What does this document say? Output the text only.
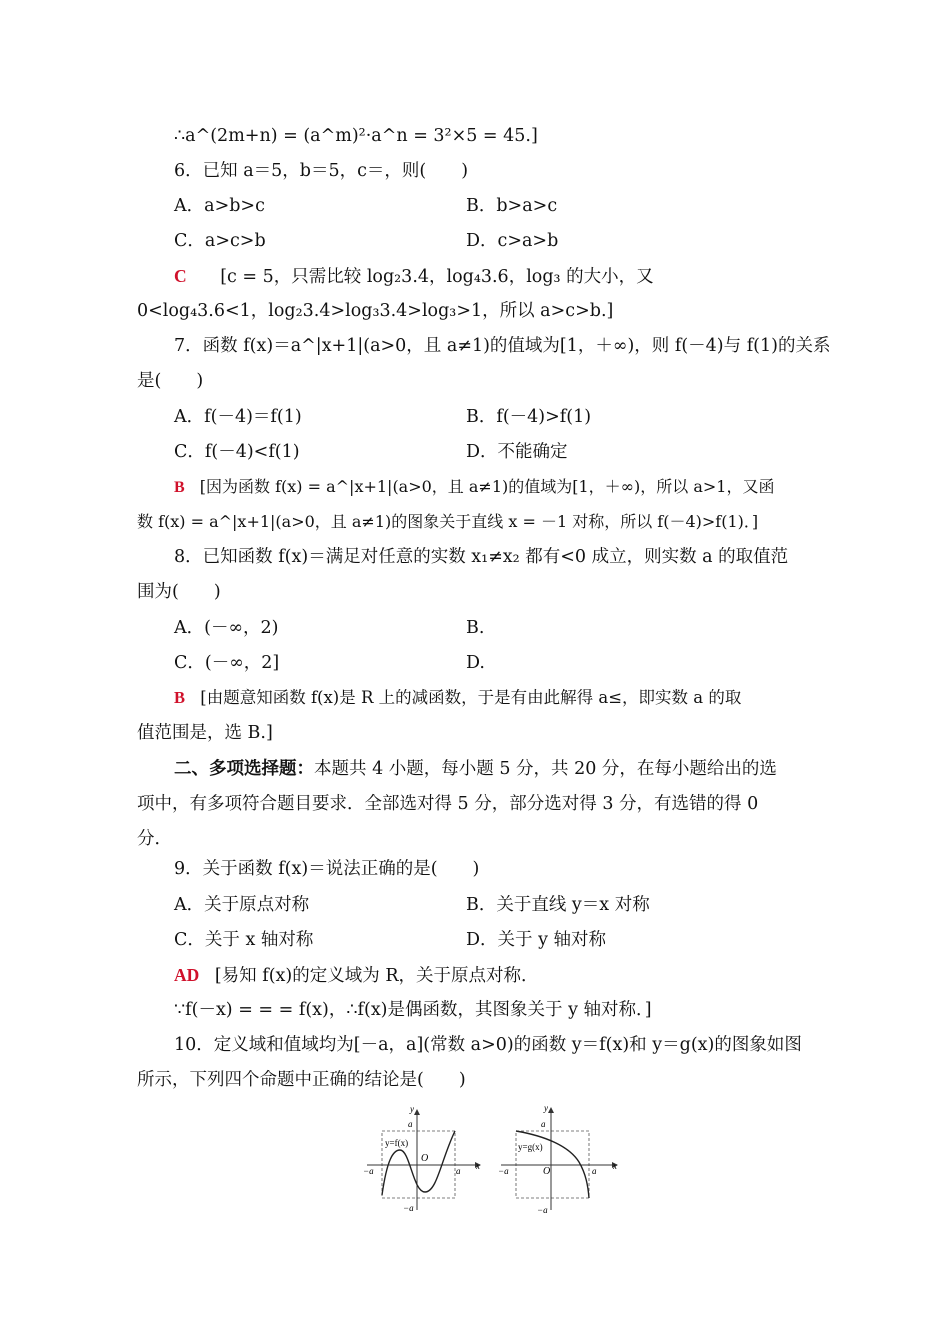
∴a^(2m+n) = (a^m)²·a^n = 3²×5 = 45.]
6．已知 a＝5，b＝5，c＝，则(　　)
A．a>b>c	B．b>a>c
C．a>c>b	D．c>a>b
C [c = 5，只需比较 log₂3.4，log₄3.6，log₃ 的大小，又
0<log₄3.6<1，log₂3.4>log₃3.4>log₃>1，所以 a>c>b.]
7．函数 f(x)＝a^|x+1|(a>0，且 a≠1)的值域为[1，＋∞)，则 f(－4)与 f(1)的关系
是(　　)
A．f(－4)＝f(1)	B．f(－4)>f(1)
C．f(－4)<f(1)	D．不能确定
B [因为函数 f(x) = a^|x+1|(a>0，且 a≠1)的值域为[1，＋∞)，所以 a>1，又函
数 f(x) = a^|x+1|(a>0，且 a≠1)的图象关于直线 x = －1 对称，所以 f(－4)>f(1)．]
8．已知函数 f(x)＝满足对任意的实数 x₁≠x₂ 都有<0 成立，则实数 a 的取值范
围为(　　)
A．(－∞，2)	B.
C．(－∞，2]	D.
B [由题意知函数 f(x)是 R 上的减函数，于是有由此解得 a≤，即实数 a 的取
值范围是，选 B.]
二、多项选择题：本题共 4 小题，每小题 5 分，共 20 分，在每小题给出的选
项中，有多项符合题目要求．全部选对得 5 分，部分选对得 3 分，有选错的得 0
分．
9．关于函数 f(x)＝说法正确的是(　　)
A．关于原点对称	B．关于直线 y＝x 对称
C．关于 x 轴对称	D．关于 y 轴对称
AD [易知 f(x)的定义域为 R，关于原点对称．
∵f(－x) = = = f(x)，∴f(x)是偶函数，其图象关于 y 轴对称．]
10．定义域和值域均为[－a，a](常数 a>0)的函数 y＝f(x)和 y＝g(x)的图象如图
所示，下列四个命题中正确的结论是(　　)
y=f(x)
O
a
y
x
−a	a
−a
y=g(x)
O
a
y
x
−a	a
−a
